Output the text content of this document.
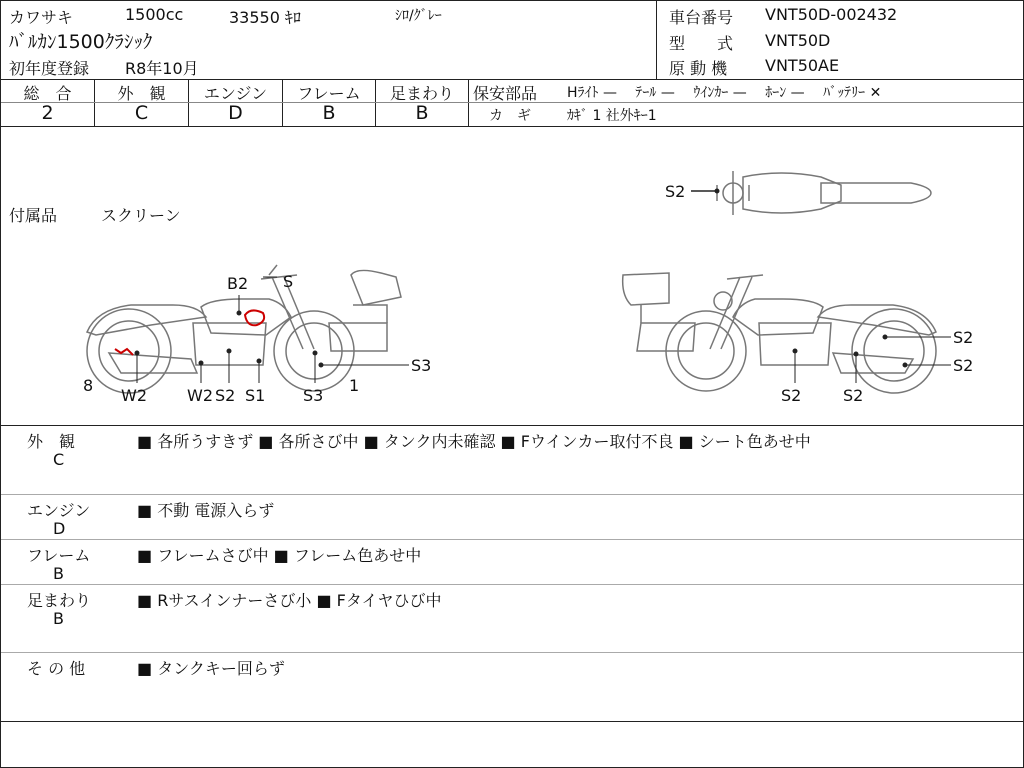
カワサキ	1500cc	33550 ｷﾛ	ｼﾛ/ｸﾞﾚｰ
ﾊﾞﾙｶﾝ1500ｸﾗｼｯｸ
初年度登録 R8年10月
車台番号 VNT50D-002432
型　　式 VNT50D
原 動 機 VNT50AE
総　合
2
外　観
C
エンジン
D
フレーム
B
足まわり
B
保安部品 Hﾗｲﾄ —　 ﾃｰﾙ —　 ｳｲﾝｶｰ —　 ﾎｰﾝ —　 ﾊﾞｯﾃﾘｰ ✕
カ　ギ	ｶｷﾞ 1 社外ｷｰ1
付属品	スクリーン
B2 S
S3
8
W2	W2 S2 S1 S3
1
S2
S2
S2	S2
S2
外　観
C
■ 各所うすきず ■ 各所さび中 ■ タンク内未確認 ■ Fウインカー取付不良 ■ シート色あせ中
エンジン
D
■ 不動 電源入らず
フレーム
B
■ フレームさび中 ■ フレーム色あせ中
足まわり
B
■ Rサスインナーさび小 ■ Fタイヤひび中
そ の 他	■ タンクキー回らず
